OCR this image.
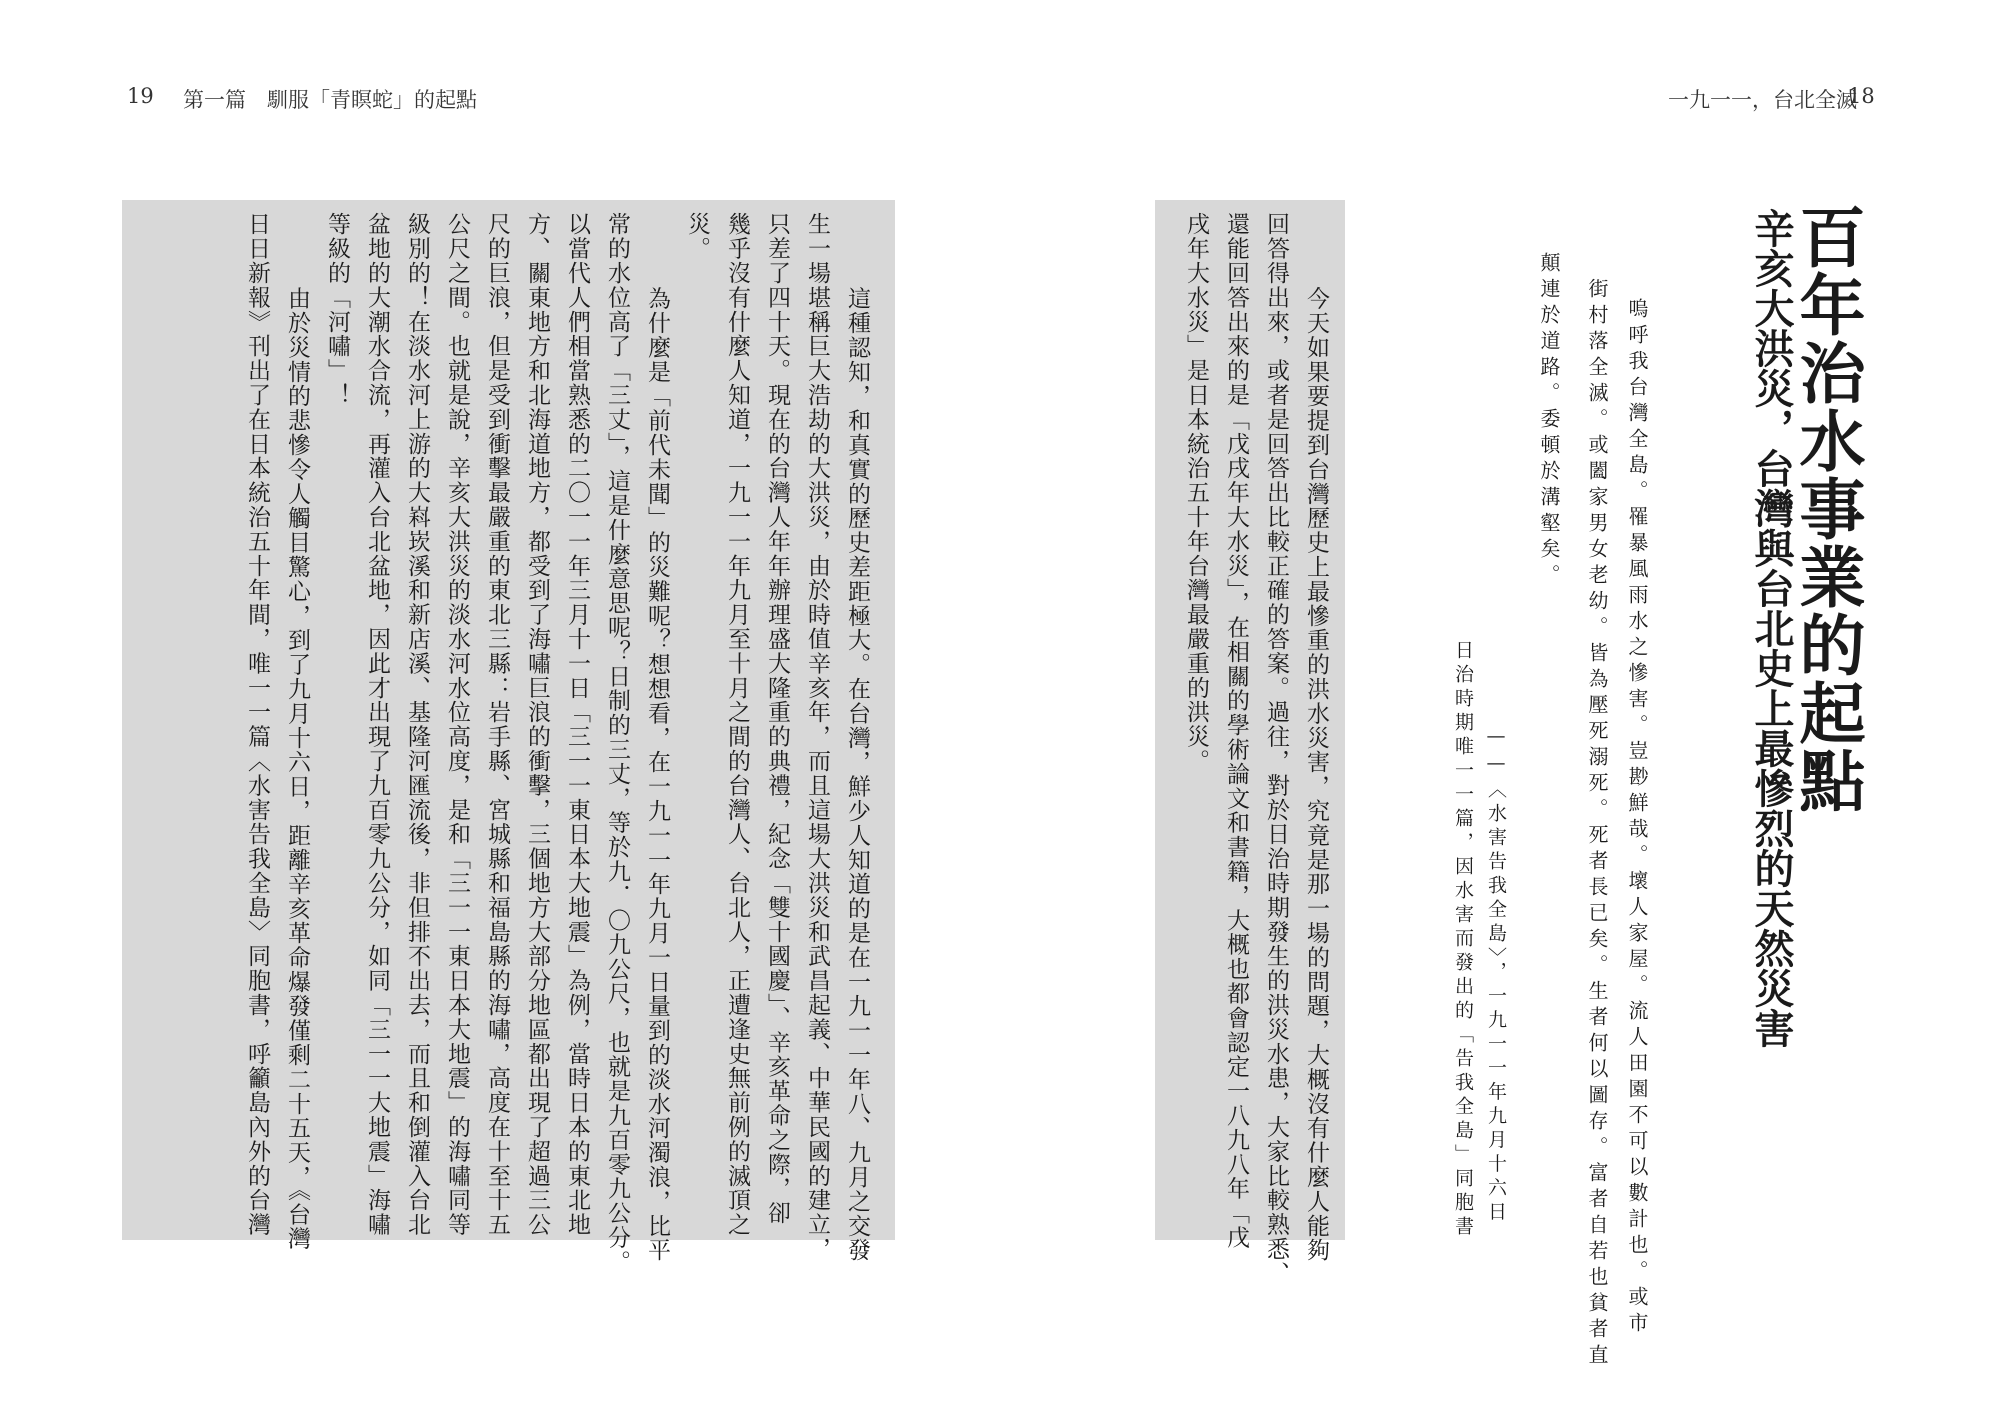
19 第一篇　馴服「青瞑蛇」的起點	一九一一，台北全滅
18
百年治水事業的起點
辛亥大洪災，台灣與台北史上最慘烈的天然災害
嗚呼我台灣全島。罹暴風雨水之慘害。豈尠鮮哉。壞人家屋。流人田園不可以數計也。或市
街村落全滅。或闔家男女老幼。皆為壓死溺死。死者長已矣。生者何以圖存。富者自若也貧者直
顛連於道路。委頓於溝壑矣。
——〈水害告我全島〉，一九一一年九月十六日
日治時期唯一一篇，因水害而發出的「告我全島」同胞書
　今天如果要提到台灣歷史上最慘重的洪水災害，究竟是那一場的問題，大概沒有什麼人能夠
回答得出來，或者是回答出比較正確的答案。過往，對於日治時期發生的洪災水患，大家比較熟悉、
還能回答出來的是「戊戌年大水災」，在相關的學術論文和書籍，大概也都會認定一八九八年「戊
戌年大水災」是日本統治五十年台灣最嚴重的洪災。
　這種認知，和真實的歷史差距極大。在台灣，鮮少人知道的是在一九一一年八、九月之交發
生一場堪稱巨大浩劫的大洪災，由於時值辛亥年，而且這場大洪災和武昌起義、中華民國的建立，
只差了四十天。現在的台灣人年年辦理盛大隆重的典禮，紀念「雙十國慶」、辛亥革命之際，卻
幾乎沒有什麼人知道，一九一一年九月至十月之間的台灣人、台北人，正遭逢史無前例的滅頂之
災。
　為什麼是「前代未聞」的災難呢？想想看，在一九一一年九月一日量到的淡水河濁浪，比平
常的水位高了「三丈」，這是什麼意思呢？日制的三丈，等於九．〇九公尺，也就是九百零九公分。
以當代人們相當熟悉的二〇一一年三月十一日「三一一東日本大地震」為例，當時日本的東北地
方、關東地方和北海道地方，都受到了海嘯巨浪的衝擊，三個地方大部分地區都出現了超過三公
尺的巨浪，但是受到衝擊最嚴重的東北三縣：岩手縣、宮城縣和福島縣的海嘯，高度在十至十五
公尺之間。也就是說，辛亥大洪災的淡水河水位高度，是和「三一一東日本大地震」的海嘯同等
級別的！在淡水河上游的大嵙崁溪和新店溪、基隆河匯流後，非但排不出去，而且和倒灌入台北
盆地的大潮水合流，再灌入台北盆地，因此才出現了九百零九公分，如同「三一一大地震」海嘯
等級的「河嘯」！
　由於災情的悲慘令人觸目驚心，到了九月十六日，距離辛亥革命爆發僅剩二十五天，《台灣
日日新報》刊出了在日本統治五十年間，唯一一篇〈水害告我全島〉同胞書，呼籲島內外的台灣
